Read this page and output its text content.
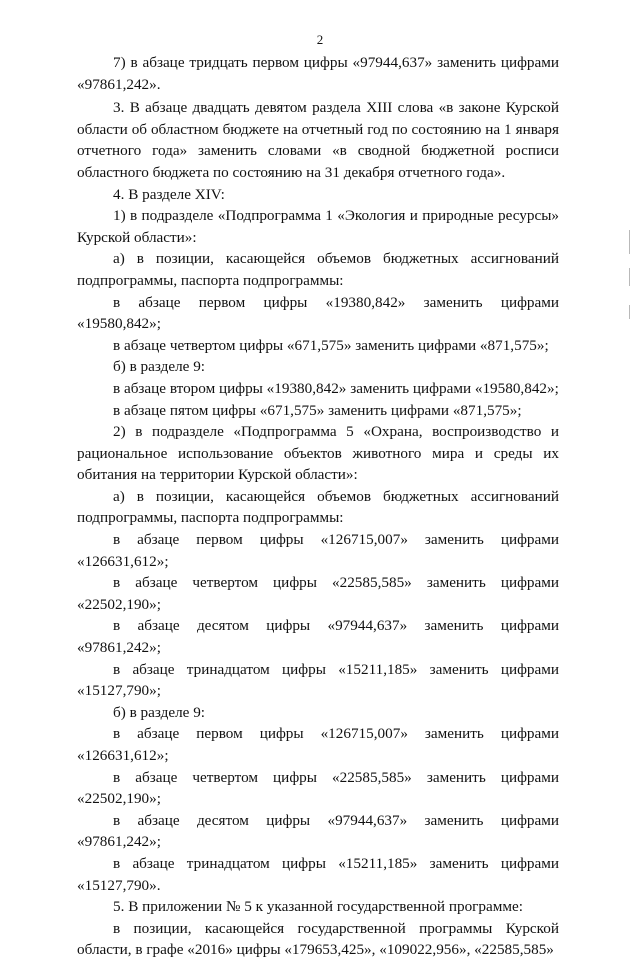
2

7) в абзаце тридцать первом цифры «97944,637» заменить цифрами «97861,242».

3. В абзаце двадцать девятом раздела XIII слова «в законе Курской области об областном бюджете на отчетный год по состоянию на 1 января отчетного года» заменить словами «в сводной бюджетной росписи областного бюджета по состоянию на 31 декабря отчетного года».

4. В разделе XIV:

1) в подразделе «Подпрограмма 1 «Экология и природные ресурсы» Курской области»:

а) в позиции, касающейся объемов бюджетных ассигнований подпрограммы, паспорта подпрограммы:

в абзаце первом цифры «19380,842» заменить цифрами «19580,842»;

в абзаце четвертом цифры «671,575» заменить цифрами «871,575»;

б) в разделе 9:

в абзаце втором цифры «19380,842» заменить цифрами «19580,842»;

в абзаце пятом цифры «671,575» заменить цифрами «871,575»;

2) в подразделе «Подпрограмма 5 «Охрана, воспроизводство и рациональное использование объектов животного мира и среды их обитания на территории Курской области»:

а) в позиции, касающейся объемов бюджетных ассигнований подпрограммы, паспорта подпрограммы:

в абзаце первом цифры «126715,007» заменить цифрами «126631,612»;

в абзаце четвертом цифры «22585,585» заменить цифрами «22502,190»;

в абзаце десятом цифры «97944,637» заменить цифрами «97861,242»;

в абзаце тринадцатом цифры «15211,185» заменить цифрами «15127,790»;

б) в разделе 9:

в абзаце первом цифры «126715,007» заменить цифрами «126631,612»;

в абзаце четвертом цифры «22585,585» заменить цифрами «22502,190»;

в абзаце десятом цифры «97944,637» заменить цифрами «97861,242»;

в абзаце тринадцатом цифры «15211,185» заменить цифрами «15127,790».

5. В приложении № 5 к указанной государственной программе:

в позиции, касающейся государственной программы Курской области, в графе «2016» цифры «179653,425», «109022,956», «22585,585»
